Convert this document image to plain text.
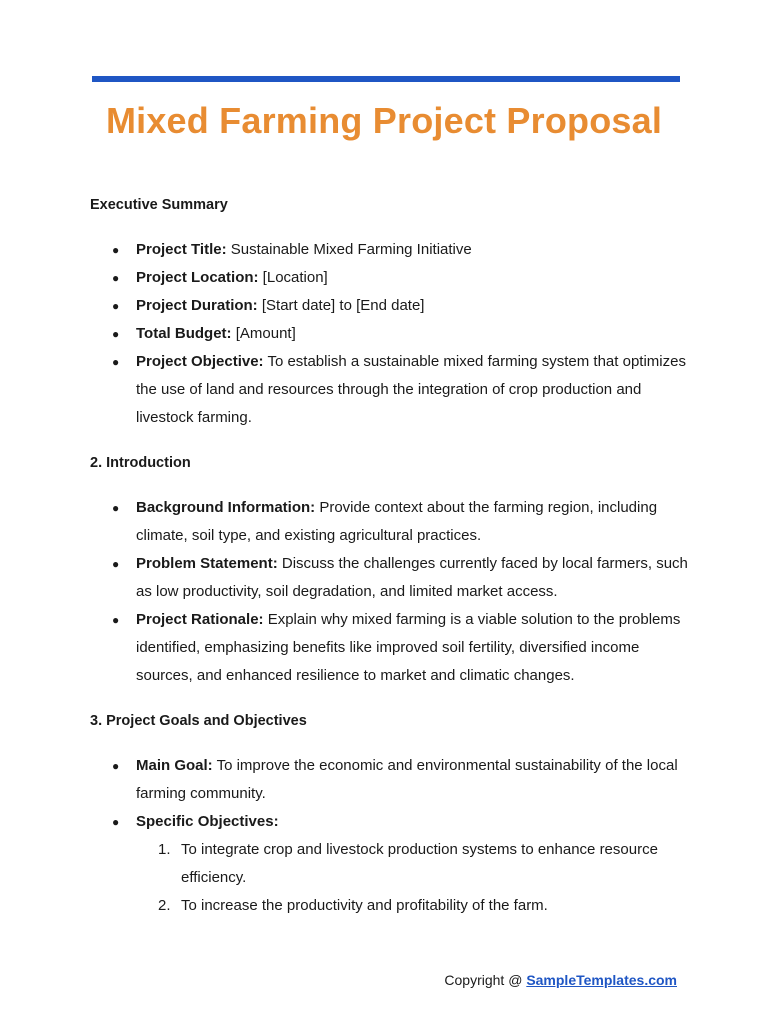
Mixed Farming Project Proposal
Executive Summary
● Project Title: Sustainable Mixed Farming Initiative
● Project Location: [Location]
● Project Duration: [Start date] to [End date]
● Total Budget: [Amount]
● Project Objective: To establish a sustainable mixed farming system that optimizes the use of land and resources through the integration of crop production and livestock farming.
2. Introduction
● Background Information: Provide context about the farming region, including climate, soil type, and existing agricultural practices.
● Problem Statement: Discuss the challenges currently faced by local farmers, such as low productivity, soil degradation, and limited market access.
● Project Rationale: Explain why mixed farming is a viable solution to the problems identified, emphasizing benefits like improved soil fertility, diversified income sources, and enhanced resilience to market and climatic changes.
3. Project Goals and Objectives
● Main Goal: To improve the economic and environmental sustainability of the local farming community.
● Specific Objectives:
1. To integrate crop and livestock production systems to enhance resource efficiency.
2. To increase the productivity and profitability of the farm.
Copyright @ SampleTemplates.com
